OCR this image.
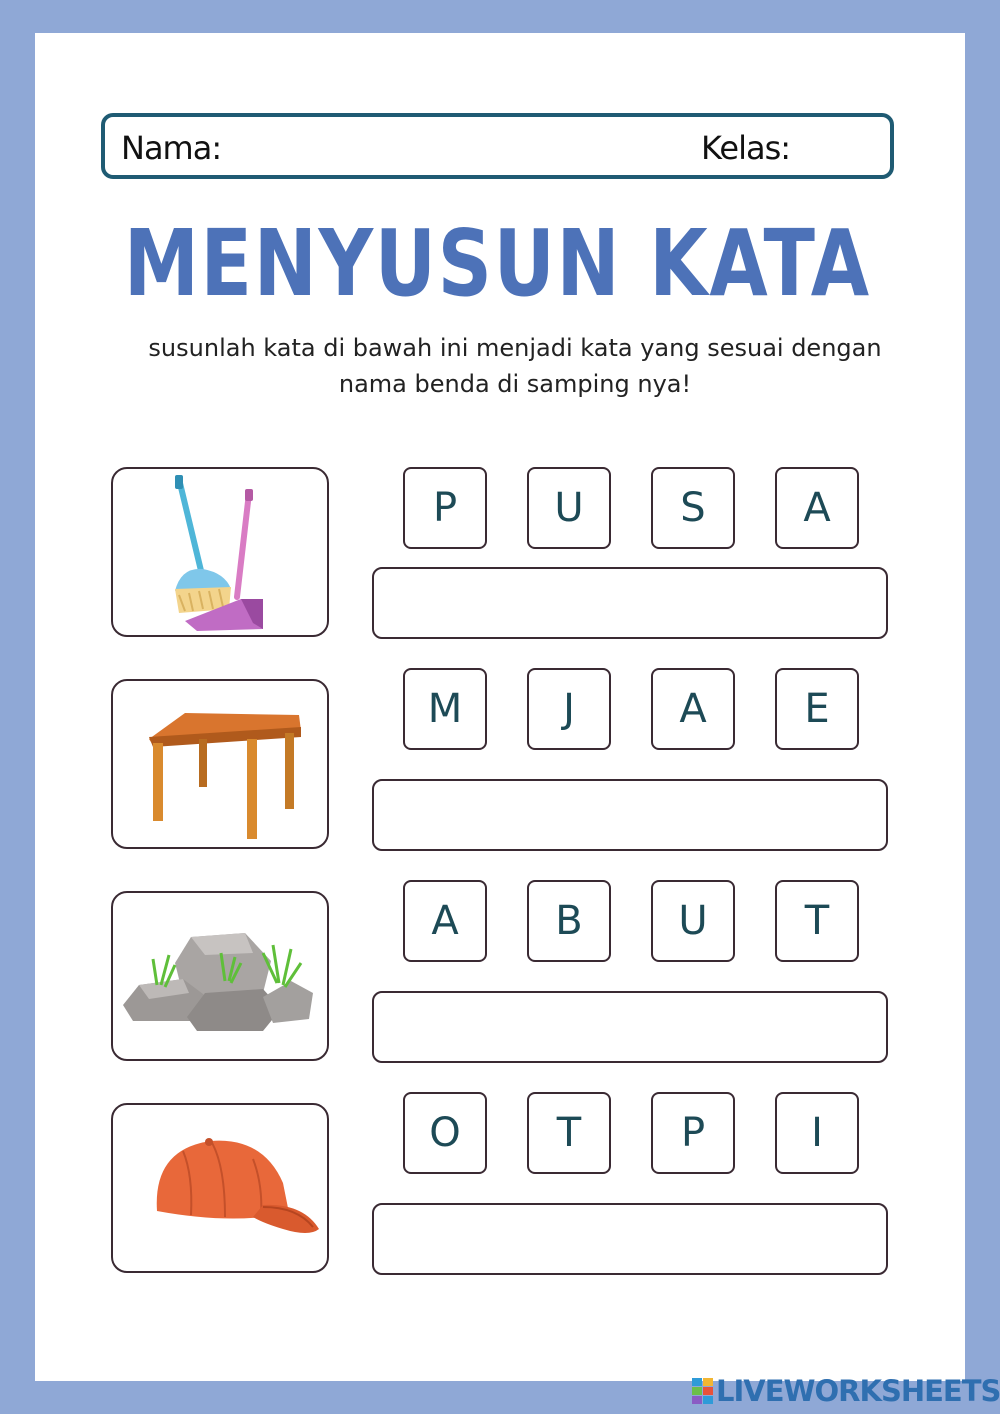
Nama:	Kelas:
MENYUSUN KATA
susunlah kata di bawah ini menjadi kata yang sesuai dengan
nama benda di samping nya!
P	U	S	A
M	J	A	E
A	B	U	T
O	T	P	I
LIVEWORKSHEETS
